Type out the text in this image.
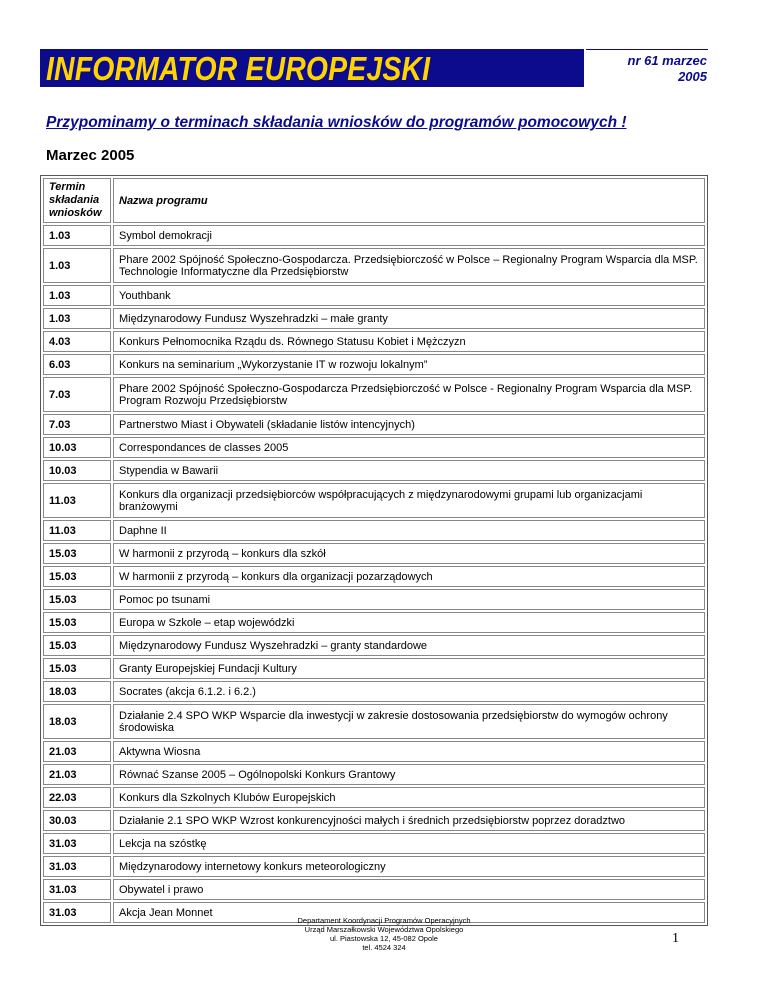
INFORMATOR EUROPEJSKI	nr 61 marzec
2005
Przypominamy o terminach składania wniosków do programów pomocowych !
Marzec 2005
Termin składania wniosków	Nazwa programu
1.03	Symbol demokracji
1.03	Phare 2002 Spójność Społeczno-Gospodarcza. Przedsiębiorczość w Polsce – Regionalny Program Wsparcia dla MSP. Technologie Informatyczne dla Przedsiębiorstw
1.03	Youthbank
1.03	Międzynarodowy Fundusz Wyszehradzki – małe granty
4.03	Konkurs Pełnomocnika Rządu ds. Równego Statusu Kobiet i Mężczyzn
6.03	Konkurs na seminarium „Wykorzystanie IT w rozwoju lokalnym”
7.03	Phare 2002 Spójność Społeczno-Gospodarcza Przedsiębiorczość w Polsce - Regionalny Program Wsparcia dla MSP. Program Rozwoju Przedsiębiorstw
7.03	Partnerstwo Miast i Obywateli (składanie listów intencyjnych)
10.03	Correspondances de classes 2005
10.03	Stypendia w Bawarii
11.03	Konkurs dla organizacji przedsiębiorców współpracujących z międzynarodowymi grupami lub organizacjami branżowymi
11.03	Daphne II
15.03	W harmonii z przyrodą – konkurs dla szkół
15.03	W harmonii z przyrodą – konkurs dla organizacji pozarządowych
15.03	Pomoc po tsunami
15.03	Europa w Szkole – etap wojewódzki
15.03	Międzynarodowy Fundusz Wyszehradzki – granty standardowe
15.03	Granty Europejskiej Fundacji Kultury
18.03	Socrates (akcja 6.1.2. i 6.2.)
18.03	Działanie 2.4 SPO WKP Wsparcie dla inwestycji w zakresie dostosowania przedsiębiorstw do wymogów ochrony środowiska
21.03	Aktywna Wiosna
21.03	Równać Szanse 2005 – Ogólnopolski Konkurs Grantowy
22.03	Konkurs dla Szkolnych Klubów Europejskich
30.03	Działanie 2.1 SPO WKP Wzrost konkurencyjności małych i średnich przedsiębiorstw poprzez doradztwo
31.03	Lekcja na szóstkę
31.03	Międzynarodowy internetowy konkurs meteorologiczny
31.03	Obywatel i prawo
31.03	Akcja Jean Monnet
Departament Koordynacji Programów Operacyjnych
Urząd Marszałkowski Województwa Opolskiego
ul. Piastowska 12, 45-082 Opole
tel. 4524 324
1
